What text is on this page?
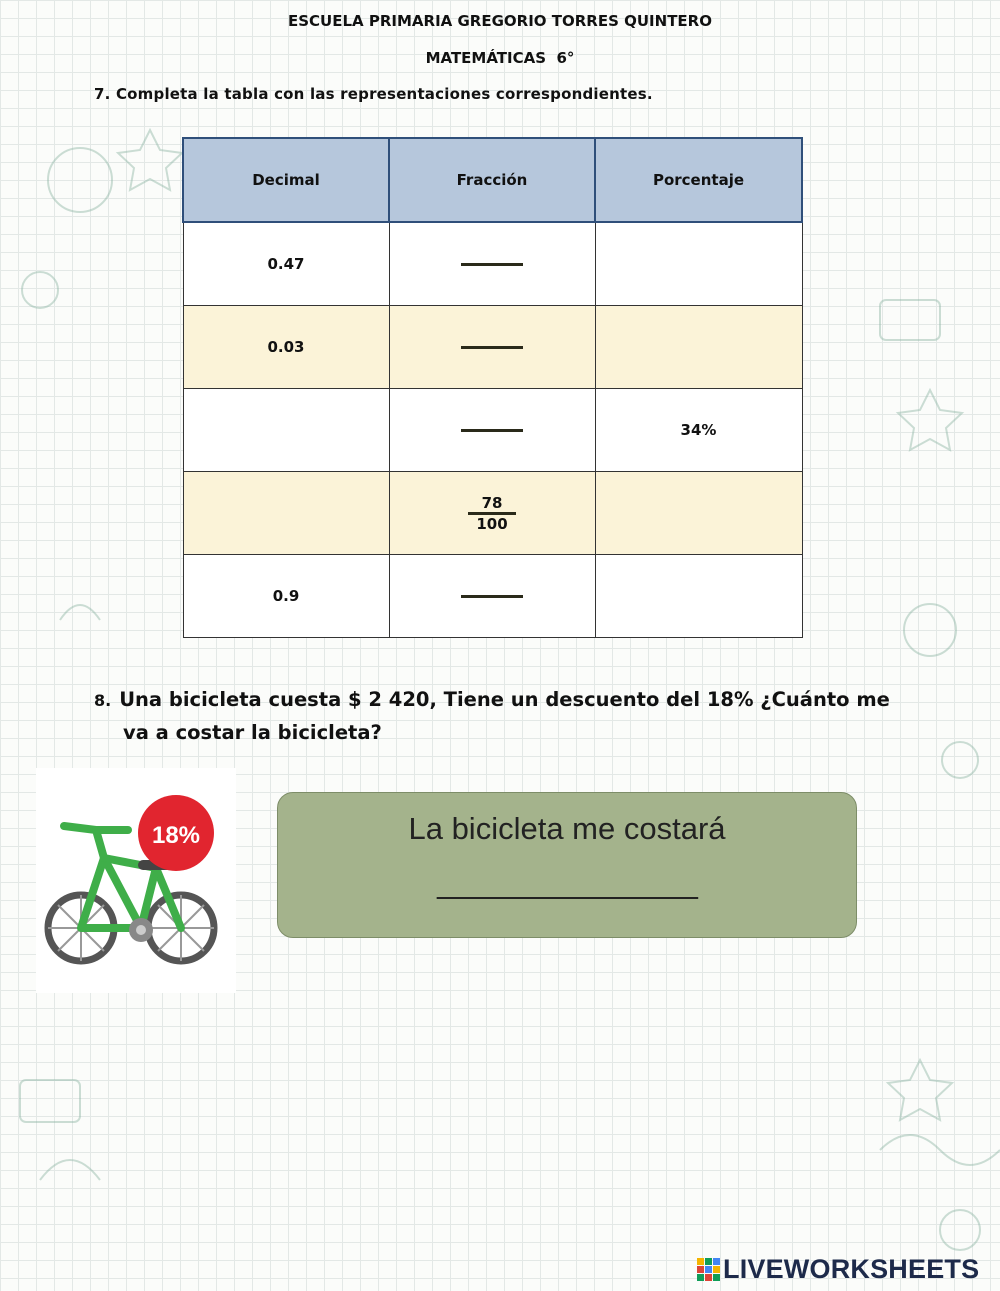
ESCUELA PRIMARIA GREGORIO TORRES QUINTERO
MATEMÁTICAS  6°
7. Completa la tabla con las representaciones correspondientes.
Decimal	Fracción	Porcentaje
0.47		
0.03		
		34%

	$\frac{78}{100}$

0.9		
8. Una bicicleta cuesta $ 2 420, Tiene un descuento del 18% ¿Cuánto me
va a costar la bicicleta?
18%	La bicicleta me costará
________________
LIVEWORKSHEETS
